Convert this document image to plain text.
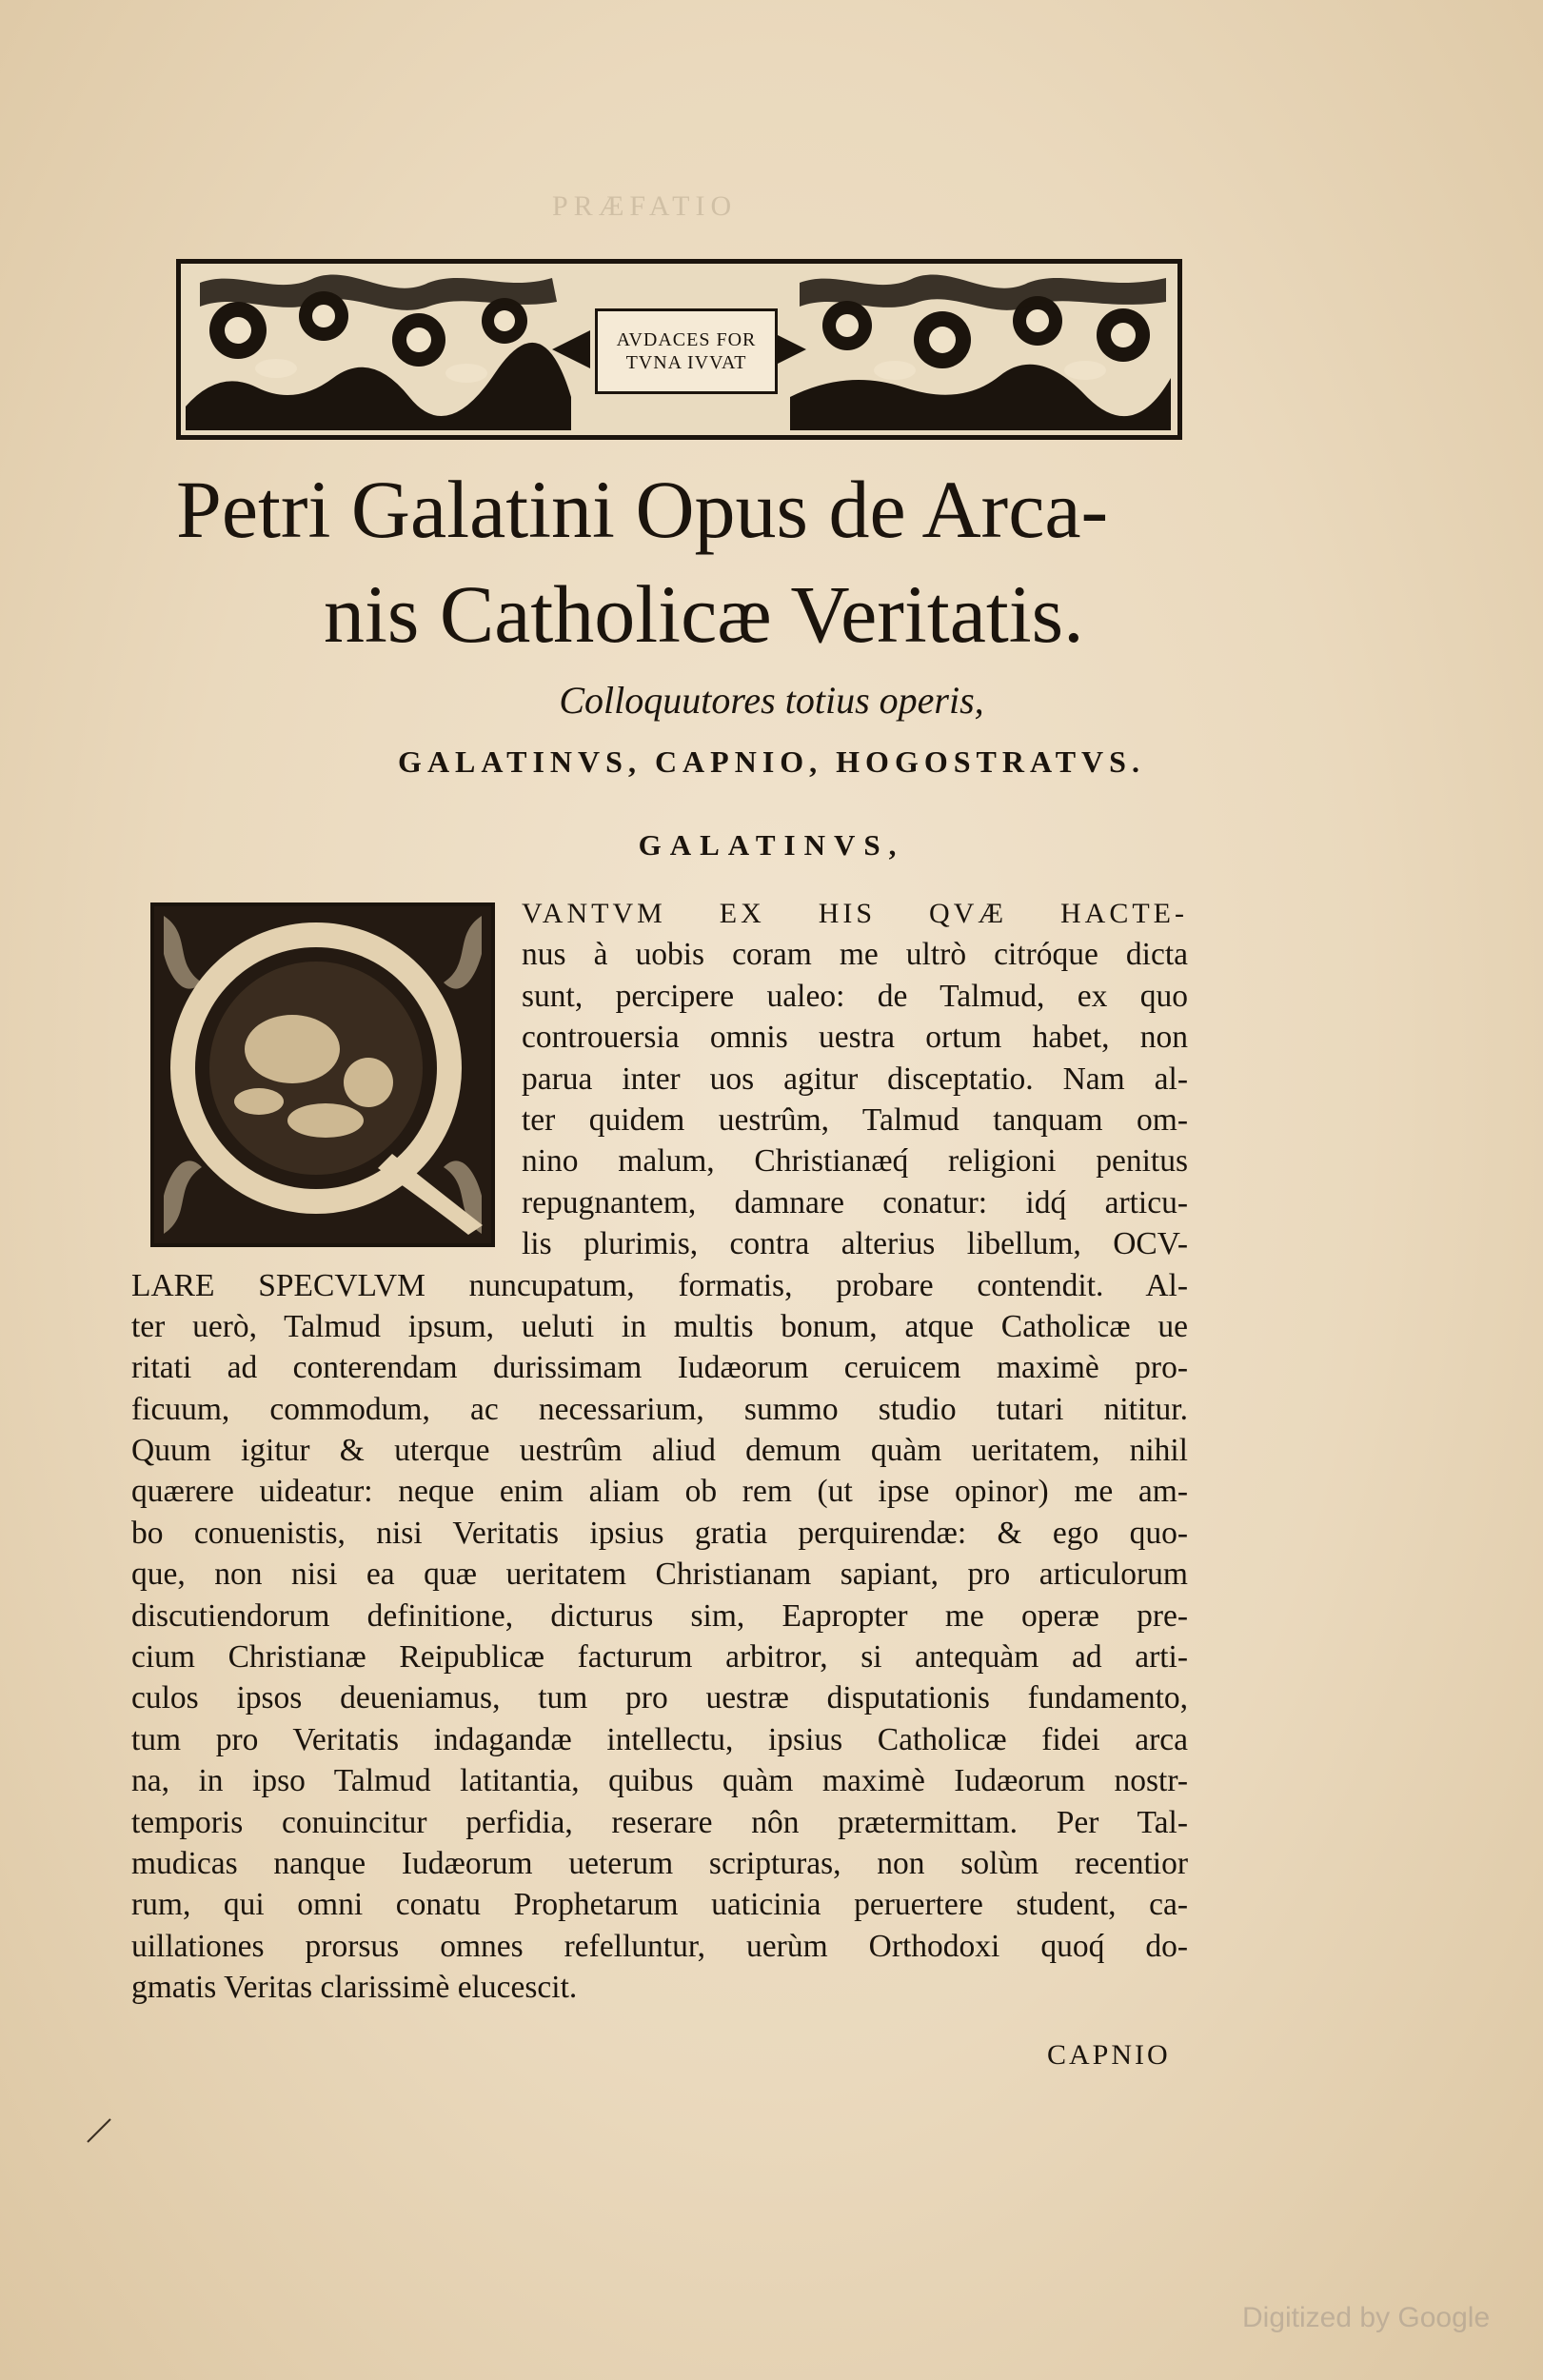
PRÆFATIO
AVDACES FOR
TVNA IVVAT
Petri Galatini Opus de Arca-
nis Catholicæ Veritatis.
Colloquutores totius operis,
GALATINVS, CAPNIO, HOGOSTRATVS.
GALATINVS,
VANTVM EX HIS QVÆ HACTE-
nus à uobis coram me ultrò citróque dicta
sunt, percipere ualeo: de Talmud, ex quo
controuersia omnis uestra ortum habet, non
parua inter uos agitur disceptatio. Nam al-
ter quidem uestrûm, Talmud tanquam om-
nino malum, Christianæq́ religioni penitus
repugnantem, damnare conatur: idq́ articu-
lis plurimis, contra alterius libellum, OCV-
LARE SPECVLVM nuncupatum, formatis, probare contendit. Al-
ter uerò, Talmud ipsum, ueluti in multis bonum, atque Catholicæ ue
ritati ad conterendam durissimam Iudæorum ceruicem maximè pro-
ficuum, commodum, ac necessarium, summo studio tutari nititur.
Quum igitur & uterque uestrûm aliud demum quàm ueritatem, nihil
quærere uideatur: neque enim aliam ob rem (ut ipse opinor) me am-
bo conuenistis, nisi Veritatis ipsius gratia perquirendæ: & ego quo-
que, non nisi ea quæ ueritatem Christianam sapiant, pro articulorum
discutiendorum definitione, dicturus sim, Eapropter me operæ pre-
cium Christianæ Reipublicæ facturum arbitror, si antequàm ad arti-
culos ipsos deueniamus, tum pro uestræ disputationis fundamento,
tum pro Veritatis indagandæ intellectu, ipsius Catholicæ fidei arca
na, in ipso Talmud latitantia, quibus quàm maximè Iudæorum nostr-
temporis conuincitur perfidia, reserare nôn prætermittam. Per Tal-
mudicas nanque Iudæorum ueterum scripturas, non solùm recentior
rum, qui omni conatu Prophetarum uaticinia peruertere student, ca-
uillationes prorsus omnes refelluntur, uerùm Orthodoxi quoq́ do-
gmatis Veritas clarissimè elucescit.
CAPNIO
Digitized by Google
